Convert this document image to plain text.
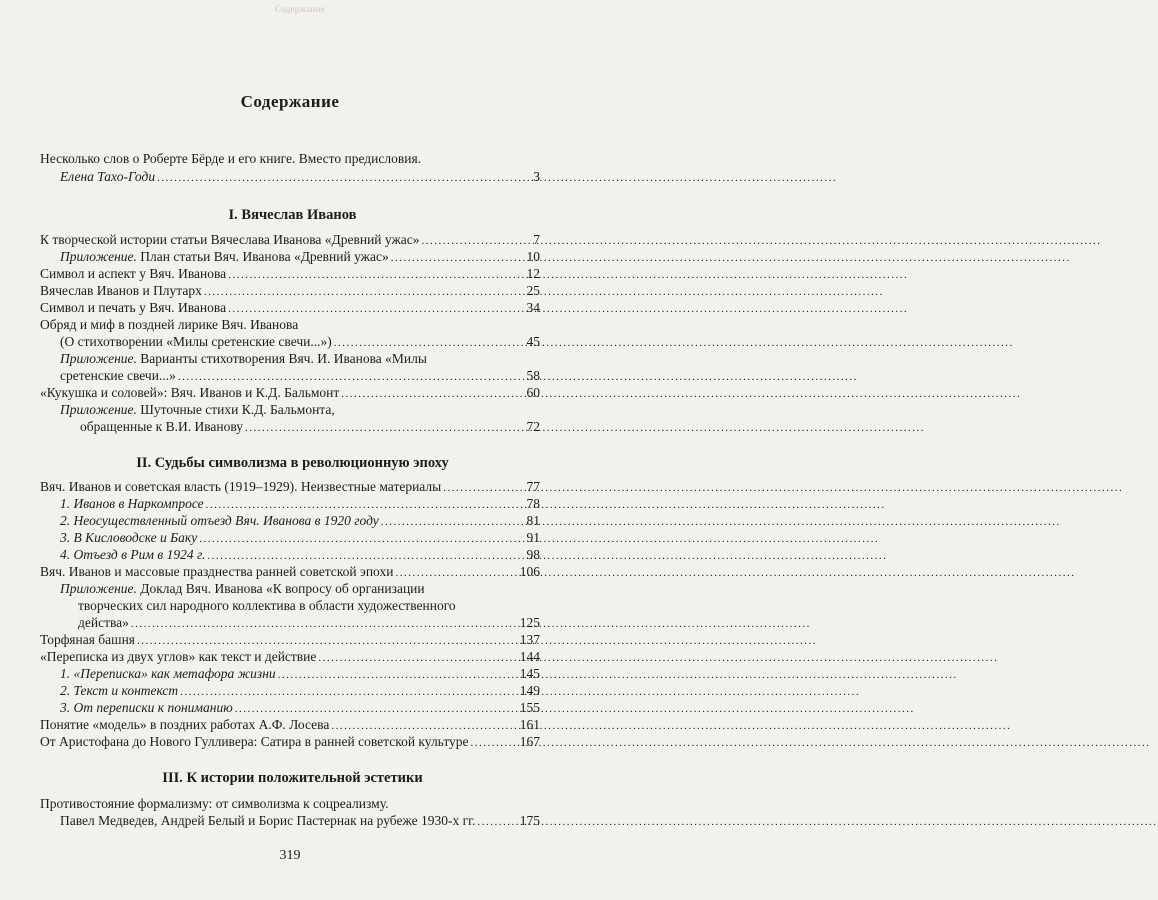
Содержание
Содержание
Несколько слов о Роберте Бёрде и его книге. Вместо предисловия.
Елена Тахо-Годи .....	3
I. Вячеслав Иванов
К творческой истории статьи Вячеслава Иванова «Древний ужас» .....	7
Приложение. План статьи Вяч. Иванова «Древний ужас» .....	10
Символ и аспект у Вяч. Иванова .....	12
Вячеслав Иванов и Плутарх .....	25
Символ и печать у Вяч. Иванова .....	34
Обряд и миф в поздней лирике Вяч. Иванова
(О стихотворении «Милы сретенские свечи...») .....	45
Приложение. Варианты стихотворения Вяч. И. Иванова «Милы
сретенские свечи...» .....	58
«Кукушка и соловей»: Вяч. Иванов и К.Д. Бальмонт .....	60
Приложение. Шуточные стихи К.Д. Бальмонта,
обращенные к В.И. Иванову .....	72
II. Судьбы символизма в революционную эпоху
Вяч. Иванов и советская власть (1919–1929). Неизвестные материалы .....	77
1. Иванов в Наркомпросе .....	78
2. Неосуществленный отъезд Вяч. Иванова в 1920 году .....	81
3. В Кисловодске и Баку .....	91
4. Отъезд в Рим в 1924 г. .....	98
Вяч. Иванов и массовые празднества ранней советской эпохи .....	106
Приложение. Доклад Вяч. Иванова «К вопросу об организации
творческих сил народного коллектива в области художественного
действа» .....	125
Торфяная башня .....	137
«Переписка из двух углов» как текст и действие .....	144
1. «Переписка» как метафора жизни .....	145
2. Текст и контекст .....	149
3. От переписки к пониманию .....	155
Понятие «модель» в поздних работах А.Ф. Лосева .....	161
От Аристофана до Нового Гулливера: Сатира в ранней советской культуре .....	167
III. К истории положительной эстетики
Противостояние формализму: от символизма к соцреализму.
Павел Медведев, Андрей Белый и Борис Пастернак на рубеже 1930-х гг. .....	175
319
